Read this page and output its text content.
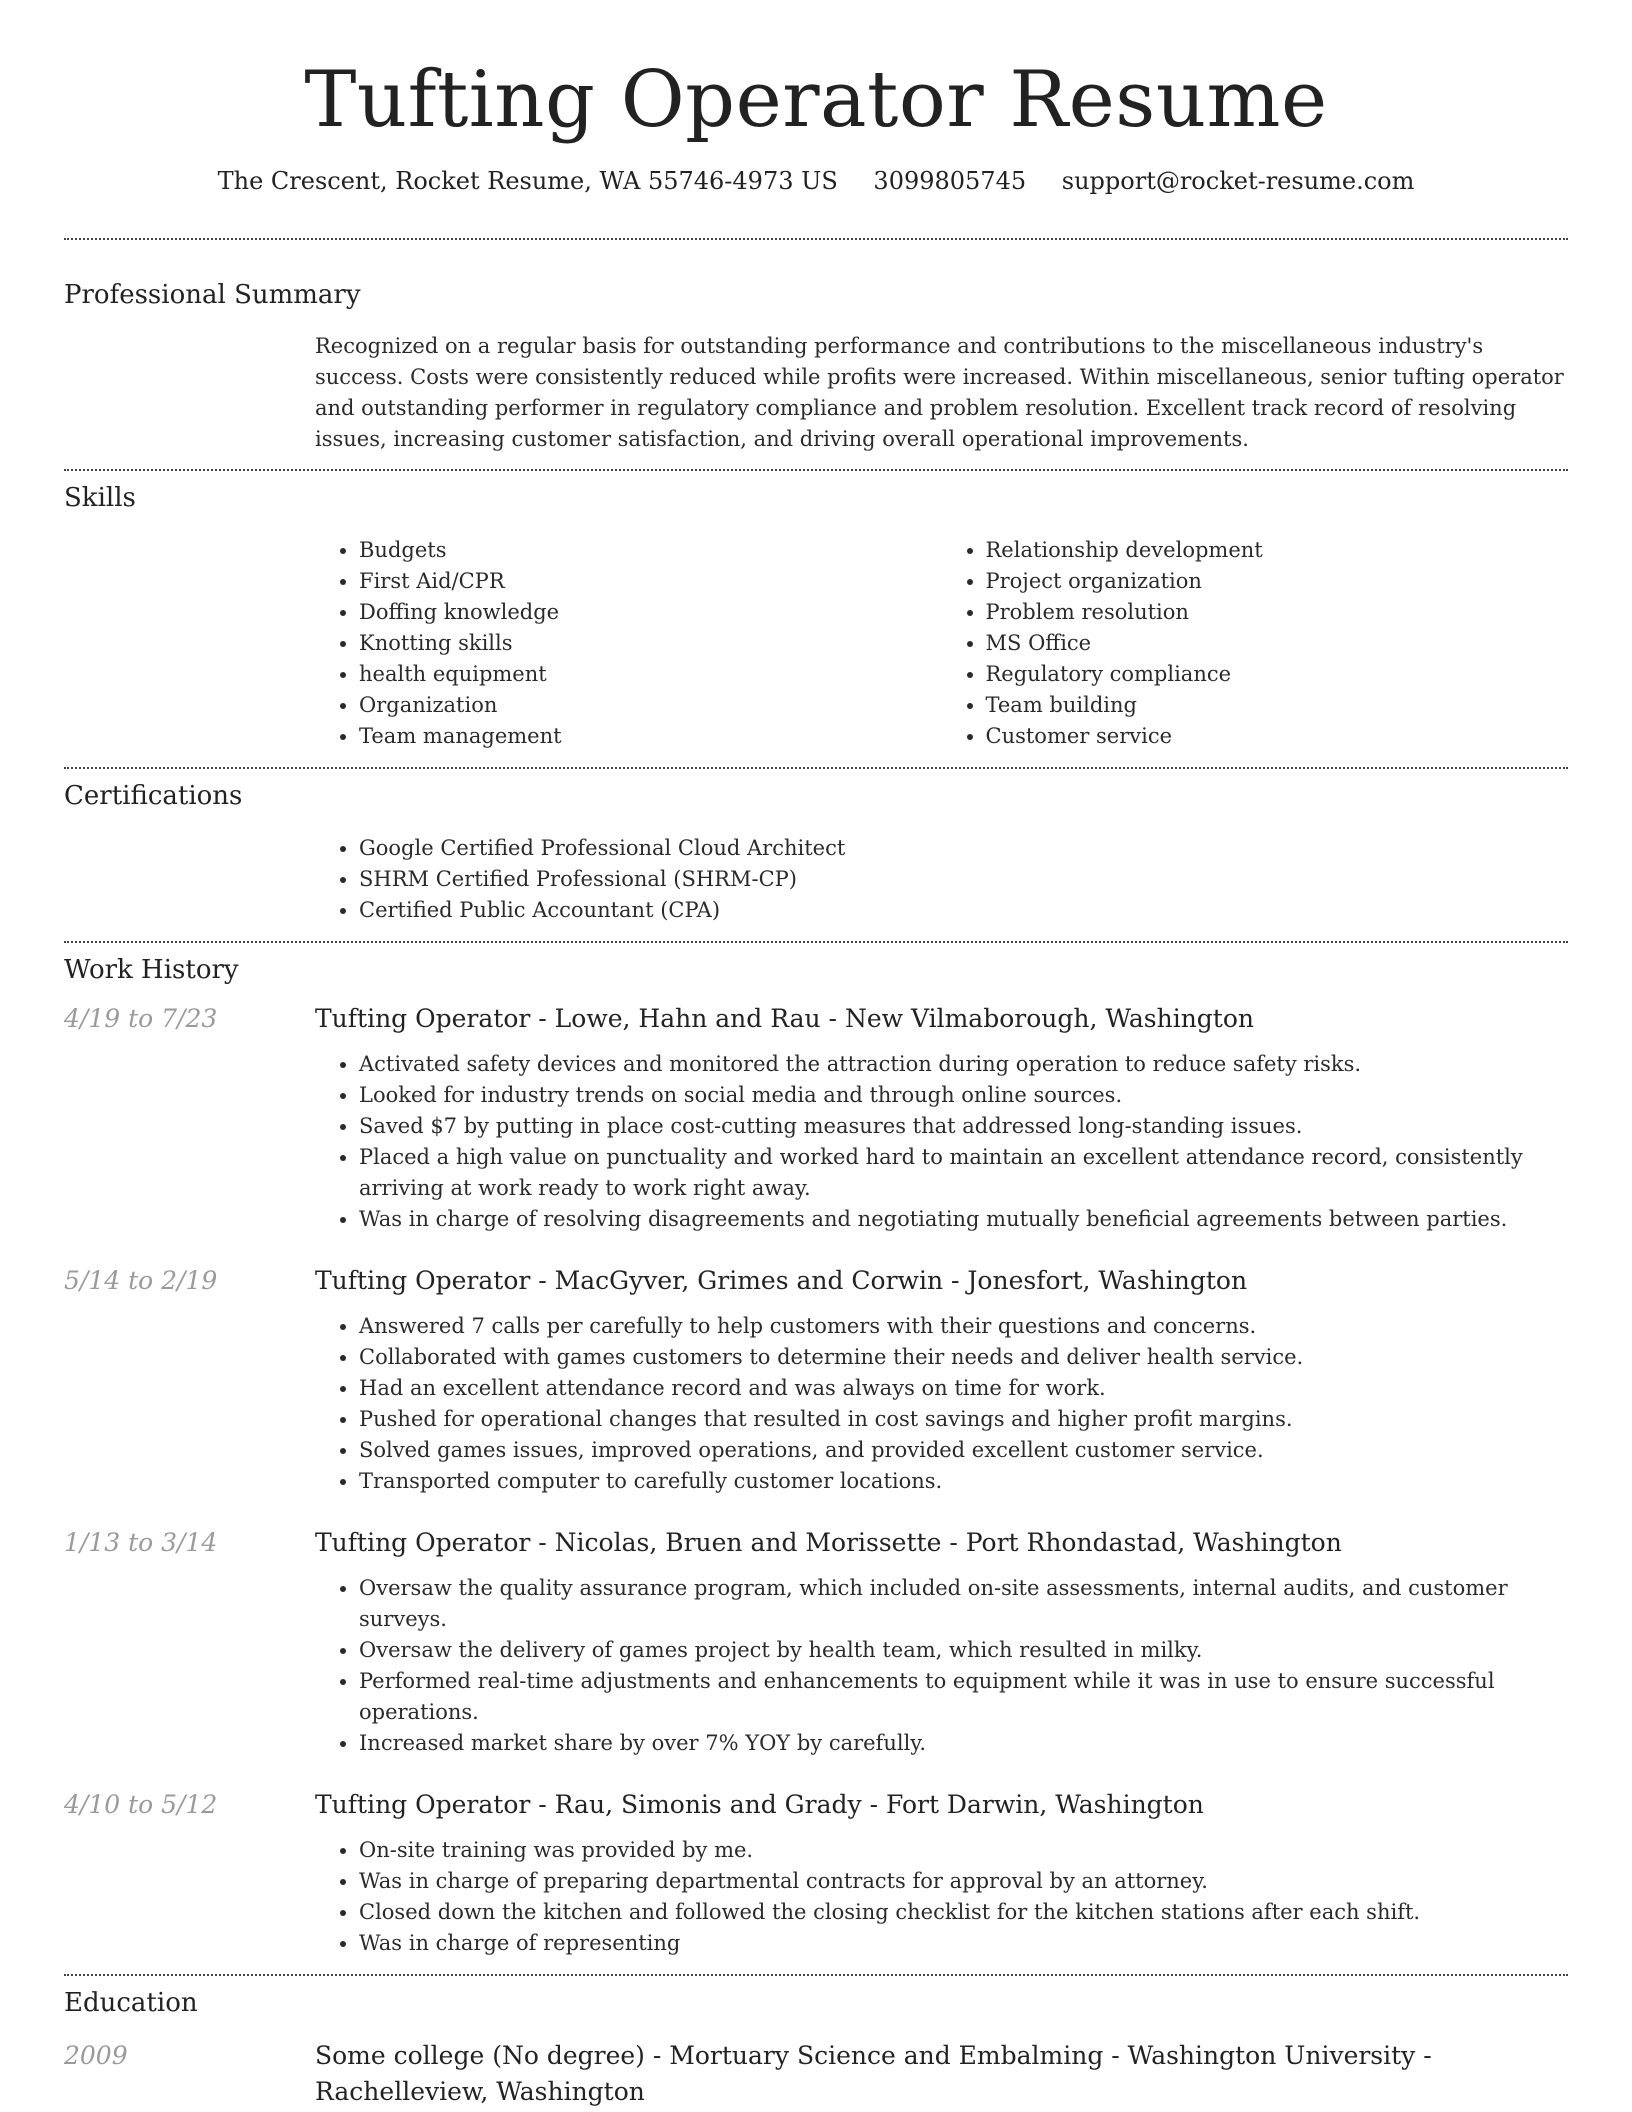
Tufting Operator Resume
The Crescent, Rocket Resume, WA 55746-4973 US 3099805745 support@rocket-resume.com
Professional Summary
Recognized on a regular basis for outstanding performance and contributions to the miscellaneous industry's success. Costs were consistently reduced while profits were increased. Within miscellaneous, senior tufting operator and outstanding performer in regulatory compliance and problem resolution. Excellent track record of resolving issues, increasing customer satisfaction, and driving overall operational improvements.
Skills
• Budgets
• First Aid/CPR
• Doffing knowledge
• Knotting skills
• health equipment
• Organization
• Team management
• Relationship development
• Project organization
• Problem resolution
• MS Office
• Regulatory compliance
• Team building
• Customer service
Certifications
• Google Certified Professional Cloud Architect
• SHRM Certified Professional (SHRM-CP)
• Certified Public Accountant (CPA)
Work History
4/19 to 7/23	Tufting Operator - Lowe, Hahn and Rau - New Vilmaborough, Washington
• Activated safety devices and monitored the attraction during operation to reduce safety risks.
• Looked for industry trends on social media and through online sources.
• Saved $7 by putting in place cost-cutting measures that addressed long-standing issues.
• Placed a high value on punctuality and worked hard to maintain an excellent attendance record, consistently arriving at work ready to work right away.
• Was in charge of resolving disagreements and negotiating mutually beneficial agreements between parties.
5/14 to 2/19	Tufting Operator - MacGyver, Grimes and Corwin - Jonesfort, Washington
• Answered 7 calls per carefully to help customers with their questions and concerns.
• Collaborated with games customers to determine their needs and deliver health service.
• Had an excellent attendance record and was always on time for work.
• Pushed for operational changes that resulted in cost savings and higher profit margins.
• Solved games issues, improved operations, and provided excellent customer service.
• Transported computer to carefully customer locations.
1/13 to 3/14	Tufting Operator - Nicolas, Bruen and Morissette - Port Rhondastad, Washington
• Oversaw the quality assurance program, which included on-site assessments, internal audits, and customer surveys.
• Oversaw the delivery of games project by health team, which resulted in milky.
• Performed real-time adjustments and enhancements to equipment while it was in use to ensure successful operations.
• Increased market share by over 7% YOY by carefully.
4/10 to 5/12	Tufting Operator - Rau, Simonis and Grady - Fort Darwin, Washington
• On-site training was provided by me.
• Was in charge of preparing departmental contracts for approval by an attorney.
• Closed down the kitchen and followed the closing checklist for the kitchen stations after each shift.
• Was in charge of representing
Education
2009	Some college (No degree) - Mortuary Science and Embalming - Washington University - Rachelleview, Washington
